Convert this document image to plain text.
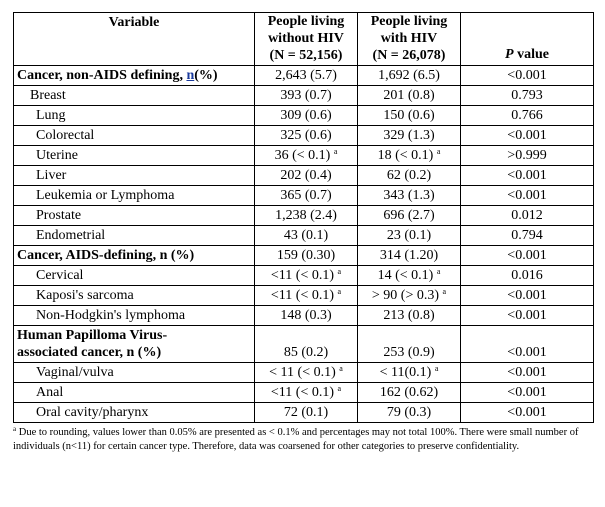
Variable	People living
without HIV
(N = 52,156)	People living
with HIV
(N = 26,078)	P value
Cancer, non-AIDS defining, n(%)	2,643 (5.7)	1,692 (6.5)	<0.001
Breast	393 (0.7)	201 (0.8)	0.793
Lung	309 (0.6)	150 (0.6)	0.766
Colorectal	325 (0.6)	329 (1.3)	<0.001
Uterine	36 (< 0.1) $^a$	18 (< 0.1) $^a$	>0.999
Liver	202 (0.4)	62 (0.2)	<0.001
Leukemia or Lymphoma	365 (0.7)	343 (1.3)	<0.001
Prostate	1,238 (2.4)	696 (2.7)	0.012
Endometrial	43 (0.1)	23 (0.1)	0.794
Cancer, AIDS-defining, n (%)	159 (0.30)	314 (1.20)	<0.001
Cervical	<11 (< 0.1) $^a$	14 (< 0.1) $^a$	0.016
Kaposi's sarcoma	<11 (< 0.1) $^a$	> 90 (> 0.3) $^a$	<0.001
Non-Hodgkin's lymphoma	148 (0.3)	213 (0.8)	<0.001
Human Papilloma Virus-
associated cancer, n (%)	85 (0.2)	253 (0.9)	<0.001
Vaginal/vulva	< 11 (< 0.1) $^a$	< 11(0.1) $^a$	<0.001
Anal	<11 (< 0.1) $^a$	162 (0.62)	<0.001
Oral cavity/pharynx	72 (0.1)	79 (0.3)	<0.001
$^a$ Due to rounding, values lower than 0.05% are presented as < 0.1% and percentages may not total 100%. There were small number of individuals (n<11) for certain cancer type. Therefore, data was coarsened for other categories to preserve confidentiality.
